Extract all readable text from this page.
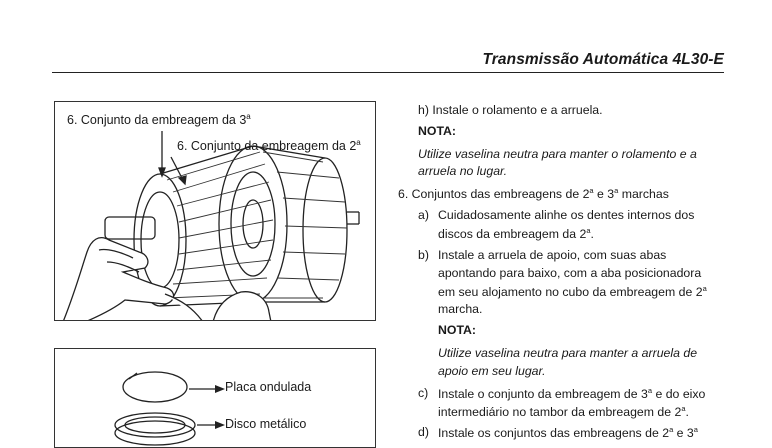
Transmissão Automática 4L30-E
6. Conjunto da embreagem da 3$^a$
6. Conjunto da embreagem da 2$^a$
Placa ondulada
Disco metálico
h) Instale o rolamento e a arruela.
NOTA:
Utilize vaselina neutra para manter o rolamento e a
arruela no lugar.
6. Conjuntos das embreagens de 2$^a$ e 3$^a$ marchas
a) Cuidadosamente alinhe os dentes internos dos
discos da embreagem da 2$^a$.
b) Instale a arruela de apoio, com suas abas
apontando para baixo, com a aba posicionadora
em seu alojamento no cubo da embreagem de 2$^a$
marcha.
NOTA:
Utilize vaselina neutra para manter a arruela de
apoio em seu lugar.
c) Instale o conjunto da embreagem de 3$^a$ e do eixo
intermediário no tambor da embreagem de 2$^a$.
d) Instale os conjuntos das embreagens de 2$^a$ e 3$^a$
